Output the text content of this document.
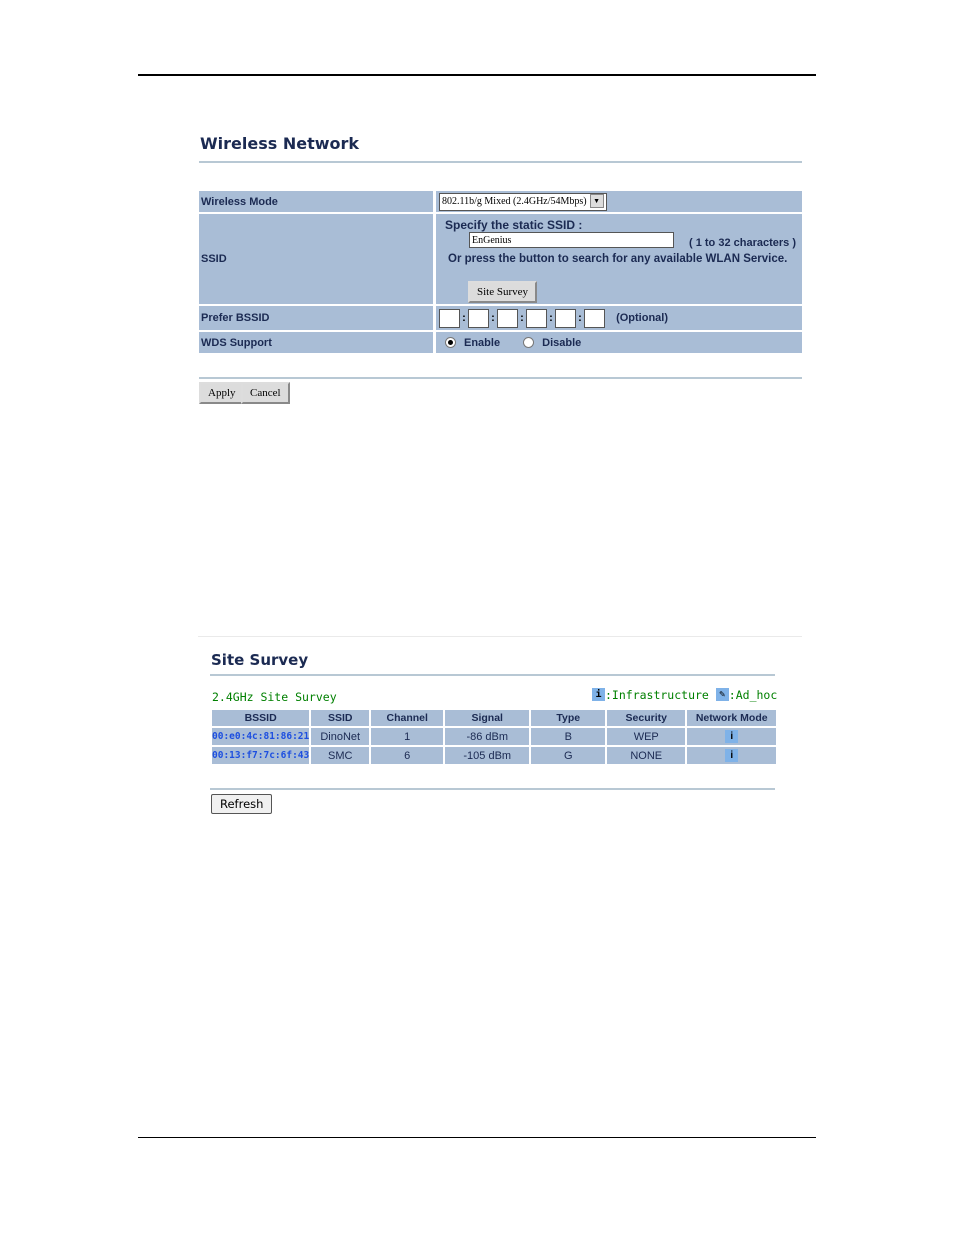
Wireless Network
Wireless Mode		802.11b/g Mixed (2.4GHz/54Mbps) ▼
SSID		Specify the static SSID :
EnGenius
( 1 to 32 characters )
Or press the button to search for any available WLAN Service.
Site Survey

Prefer BSSID		: : : : : (Optional)
WDS Support		Enable Disable
Apply	Cancel
Site Survey
2.4GHz Site Survey	i :Infrastructure ✎ :Ad_hoc
BSSID	SSID	Channel	Signal	Type	Security	Network Mode
00:e0:4c:81:86:21	DinoNet	1	-86 dBm	B	WEP	i
00:13:f7:7c:6f:43	SMC	6	-105 dBm	G	NONE	i
Refresh
